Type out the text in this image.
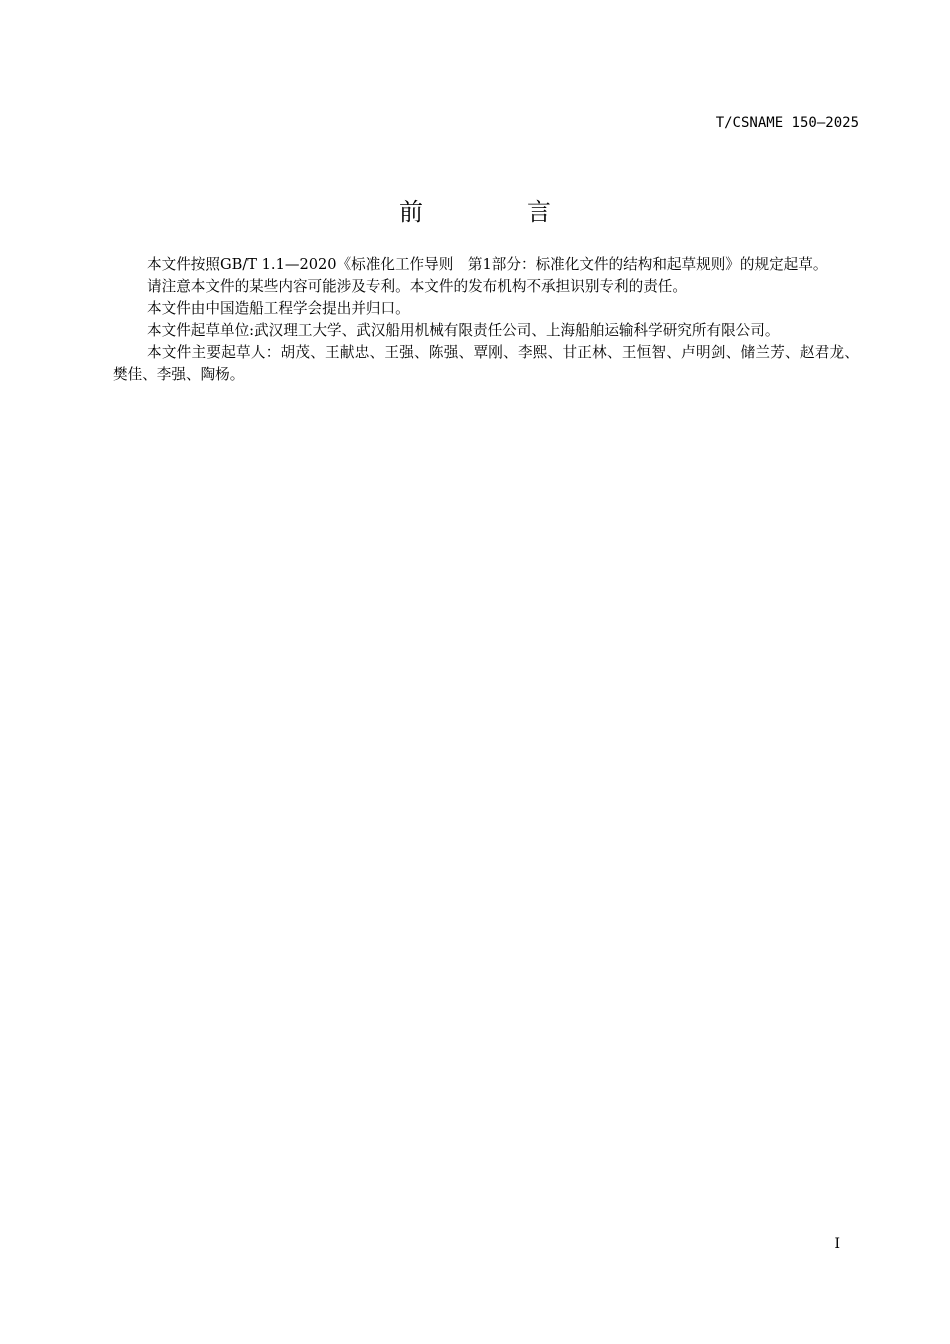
T/CSNAME 150—2025
前　言

本文件按照GB/T 1.1—2020《标准化工作导则　第1部分：标准化文件的结构和起草规则》的规定起草。

请注意本文件的某些内容可能涉及专利。本文件的发布机构不承担识别专利的责任。

本文件由中国造船工程学会提出并归口。

本文件起草单位:武汉理工大学、武汉船用机械有限责任公司、上海船舶运输科学研究所有限公司。

本文件主要起草人：胡茂、王献忠、王强、陈强、覃刚、李熙、甘正林、王恒智、卢明剑、储兰芳、赵君龙、樊佳、李强、陶杨。

I
